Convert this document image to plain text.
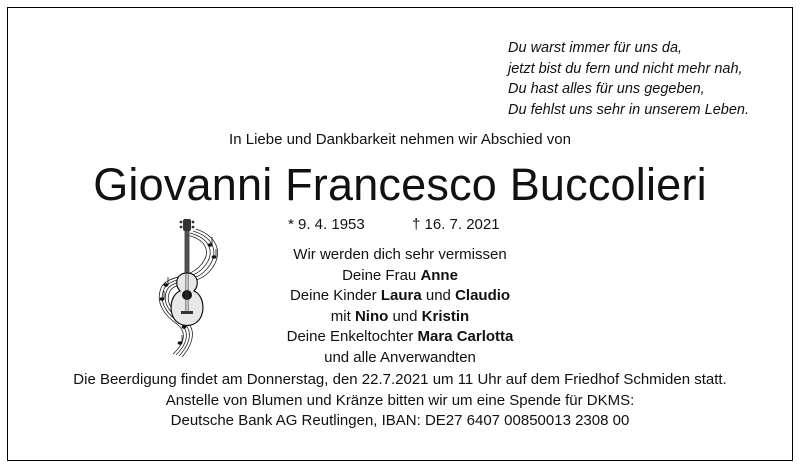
Du warst immer für uns da,
jetzt bist du fern und nicht mehr nah,
Du hast alles für uns gegeben,
Du fehlst uns sehr in unserem Leben.
In Liebe und Dankbarkeit nehmen wir Abschied von
Giovanni Francesco Buccolieri
* 9. 4. 1953	† 16. 7. 2021
Wir werden dich sehr vermissen
Deine Frau Anne
Deine Kinder Laura und Claudio
mit Nino und Kristin
Deine Enkeltochter Mara Carlotta
und alle Anverwandten
Die Beerdigung findet am Donnerstag, den 22.7.2021 um 11 Uhr auf dem Friedhof Schmiden statt.
Anstelle von Blumen und Kränze bitten wir um eine Spende für DKMS:
Deutsche Bank AG Reutlingen, IBAN: DE27 6407 00850013 2308 00
